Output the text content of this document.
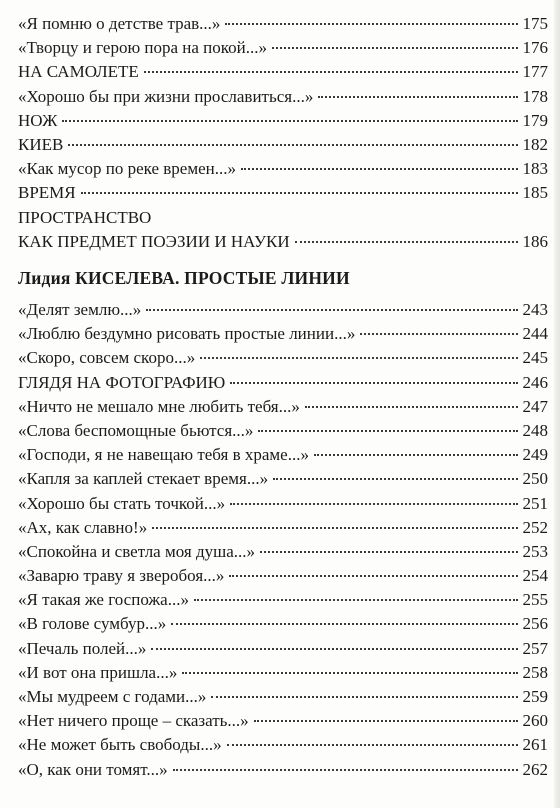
«Я помню о детстве трав...»	175
«Творцу и герою пора на покой...»	176
НА САМОЛЕТЕ	177
«Хорошо бы при жизни прославиться...»	178
НОЖ	179
КИЕВ	182
«Как мусор по реке времен...»	183
ВРЕМЯ	185
ПРОСТРАНСТВО
КАК ПРЕДМЕТ ПОЭЗИИ И НАУКИ	186
Лидия КИСЕЛЕВА. ПРОСТЫЕ ЛИНИИ
«Делят землю...»	243
«Люблю бездумно рисовать простые линии...»	244
«Скоро, совсем скоро...»	245
ГЛЯДЯ НА ФОТОГРАФИЮ	246
«Ничто не мешало мне любить тебя...»	247
«Слова беспомощные бьются...»	248
«Господи, я не навещаю тебя в храме...»	249
«Капля за каплей стекает время...»	250
«Хорошо бы стать точкой...»	251
«Ах, как славно!»	252
«Спокойна и светла моя душа...»	253
«Заварю траву я зверобоя...»	254
«Я такая же госпожа...»	255
«В голове сумбур...»	256
«Печаль полей...»	257
«И вот она пришла...»	258
«Мы мудреем с годами...»	259
«Нет ничего проще – сказать...»	260
«Не может быть свободы...»	261
«О, как они томят...»	262
